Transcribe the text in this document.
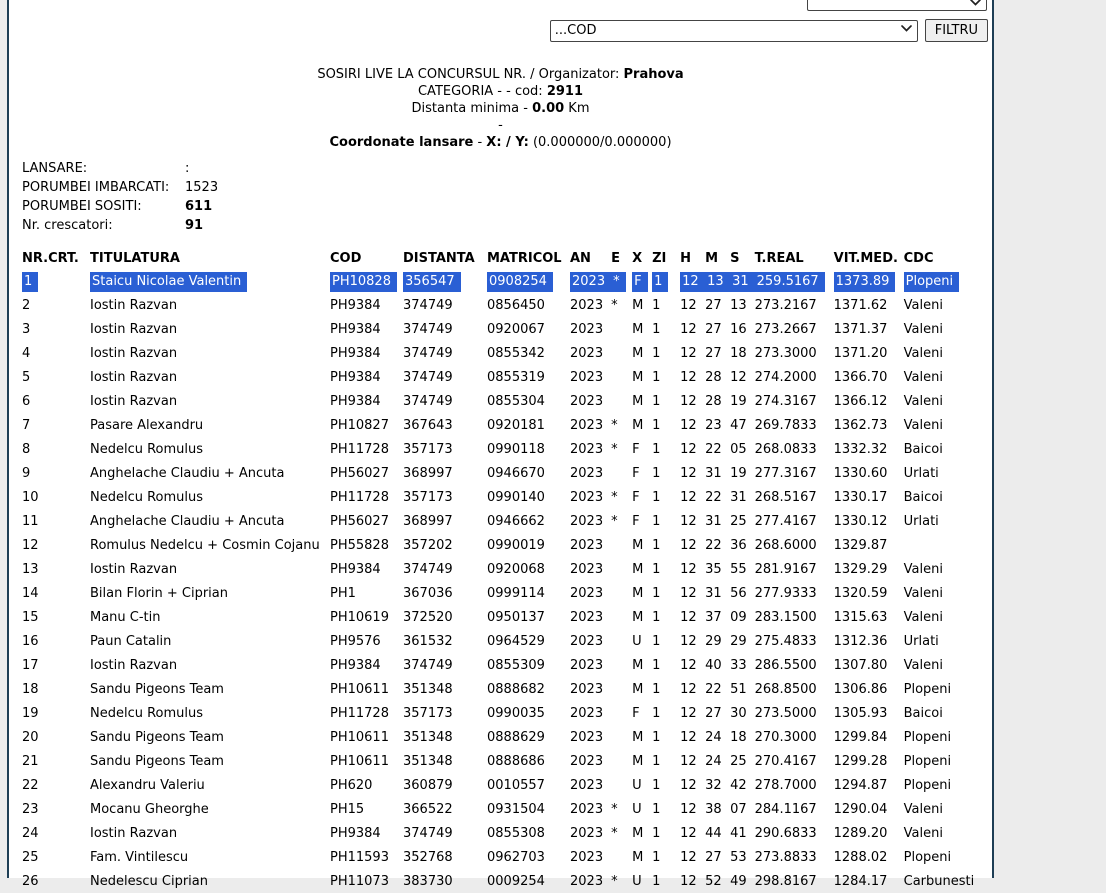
...COD
FILTRU
SOSIRI LIVE LA CONCURSUL NR. / Organizator: Prahova
CATEGORIA - - cod: 2911
Distanta minima - 0.00 Km
-
Coordonate lansare - X: / Y: (0.000000/0.000000)
LANSARE:	:
PORUMBEI IMBARCATI:	1523
PORUMBEI SOSITI:	611
Nr. crescatori:	91
NR.CRT.	TITULATURA	COD	DISTANTA	MATRICOL	AN	E	X	ZI	H	M	S	T.REAL	VIT.MED.	CDC
1	Staicu Nicolae Valentin	PH10828	356547	0908254	2023	*	F	1	12	13	31	259.5167	1373.89	Plopeni
2	Iostin Razvan	PH9384	374749	0856450	2023	*	M	1	12	27	13	273.2167	1371.62	Valeni
3	Iostin Razvan	PH9384	374749	0920067	2023		M	1	12	27	16	273.2667	1371.37	Valeni
4	Iostin Razvan	PH9384	374749	0855342	2023		M	1	12	27	18	273.3000	1371.20	Valeni
5	Iostin Razvan	PH9384	374749	0855319	2023		M	1	12	28	12	274.2000	1366.70	Valeni
6	Iostin Razvan	PH9384	374749	0855304	2023		M	1	12	28	19	274.3167	1366.12	Valeni
7	Pasare Alexandru	PH10827	367643	0920181	2023	*	M	1	12	23	47	269.7833	1362.73	Valeni
8	Nedelcu Romulus	PH11728	357173	0990118	2023	*	F	1	12	22	05	268.0833	1332.32	Baicoi
9	Anghelache Claudiu + Ancuta	PH56027	368997	0946670	2023		F	1	12	31	19	277.3167	1330.60	Urlati
10	Nedelcu Romulus	PH11728	357173	0990140	2023	*	F	1	12	22	31	268.5167	1330.17	Baicoi
11	Anghelache Claudiu + Ancuta	PH56027	368997	0946662	2023	*	F	1	12	31	25	277.4167	1330.12	Urlati
12	Romulus Nedelcu + Cosmin Cojanu	PH55828	357202	0990019	2023		M	1	12	22	36	268.6000	1329.87	
13	Iostin Razvan	PH9384	374749	0920068	2023		M	1	12	35	55	281.9167	1329.29	Valeni
14	Bilan Florin + Ciprian	PH1	367036	0999114	2023		M	1	12	31	56	277.9333	1320.59	Valeni
15	Manu C-tin	PH10619	372520	0950137	2023		M	1	12	37	09	283.1500	1315.63	Valeni
16	Paun Catalin	PH9576	361532	0964529	2023		U	1	12	29	29	275.4833	1312.36	Urlati
17	Iostin Razvan	PH9384	374749	0855309	2023		M	1	12	40	33	286.5500	1307.80	Valeni
18	Sandu Pigeons Team	PH10611	351348	0888682	2023		M	1	12	22	51	268.8500	1306.86	Plopeni
19	Nedelcu Romulus	PH11728	357173	0990035	2023		F	1	12	27	30	273.5000	1305.93	Baicoi
20	Sandu Pigeons Team	PH10611	351348	0888629	2023		M	1	12	24	18	270.3000	1299.84	Plopeni
21	Sandu Pigeons Team	PH10611	351348	0888686	2023		M	1	12	24	25	270.4167	1299.28	Plopeni
22	Alexandru Valeriu	PH620	360879	0010557	2023		U	1	12	32	42	278.7000	1294.87	Plopeni
23	Mocanu Gheorghe	PH15	366522	0931504	2023	*	U	1	12	38	07	284.1167	1290.04	Valeni
24	Iostin Razvan	PH9384	374749	0855308	2023	*	M	1	12	44	41	290.6833	1289.20	Valeni
25	Fam. Vintilescu	PH11593	352768	0962703	2023		M	1	12	27	53	273.8833	1288.02	Plopeni
26	Nedelescu Ciprian	PH11073	383730	0009254	2023	*	U	1	12	52	49	298.8167	1284.17	Carbunesti
